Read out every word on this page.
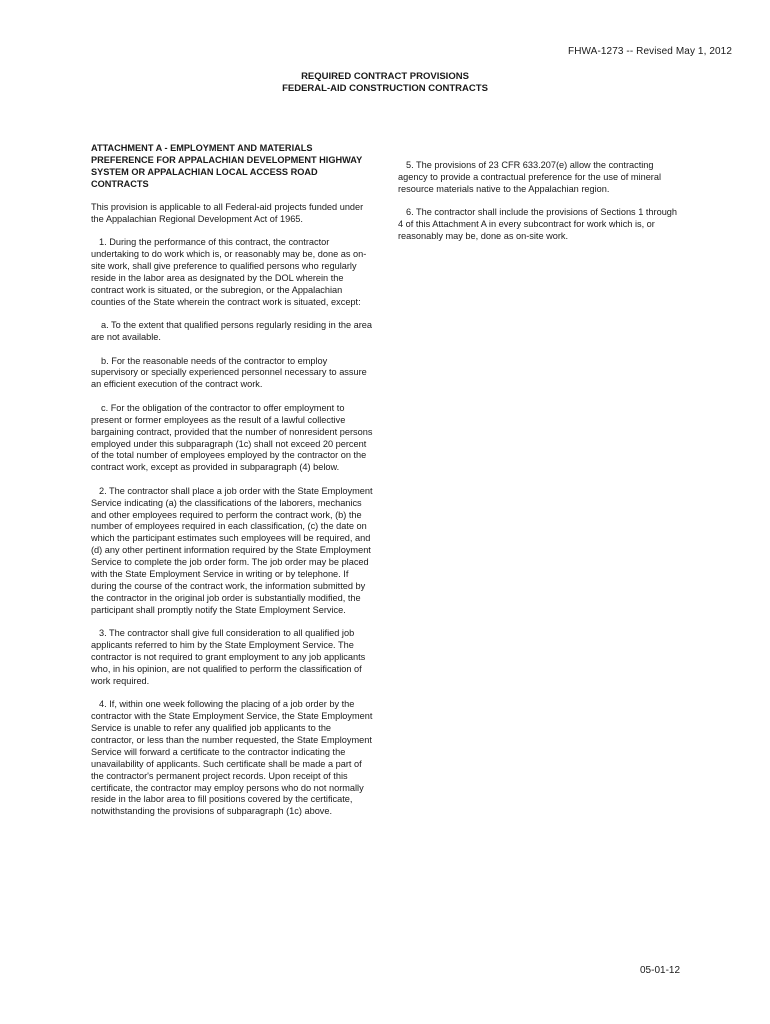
FHWA-1273 -- Revised May 1, 2012
REQUIRED CONTRACT PROVISIONS
FEDERAL-AID CONSTRUCTION CONTRACTS
ATTACHMENT A - EMPLOYMENT AND MATERIALS PREFERENCE FOR APPALACHIAN DEVELOPMENT HIGHWAY SYSTEM OR APPALACHIAN LOCAL ACCESS ROAD CONTRACTS

This provision is applicable to all Federal-aid projects funded under the Appalachian Regional Development Act of 1965.

1. During the performance of this contract, the contractor undertaking to do work which is, or reasonably may be, done as on-site work, shall give preference to qualified persons who regularly reside in the labor area as designated by the DOL wherein the contract work is situated, or the subregion, or the Appalachian counties of the State wherein the contract work is situated, except:

a. To the extent that qualified persons regularly residing in the area are not available.

b. For the reasonable needs of the contractor to employ supervisory or specially experienced personnel necessary to assure an efficient execution of the contract work.

c. For the obligation of the contractor to offer employment to present or former employees as the result of a lawful collective bargaining contract, provided that the number of nonresident persons employed under this subparagraph (1c) shall not exceed 20 percent of the total number of employees employed by the contractor on the contract work, except as provided in subparagraph (4) below.

2. The contractor shall place a job order with the State Employment Service indicating (a) the classifications of the laborers, mechanics and other employees required to perform the contract work, (b) the number of employees required in each classification, (c) the date on which the participant estimates such employees will be required, and (d) any other pertinent information required by the State Employment Service to complete the job order form. The job order may be placed with the State Employment Service in writing or by telephone. If during the course of the contract work, the information submitted by the contractor in the original job order is substantially modified, the participant shall promptly notify the State Employment Service.

3. The contractor shall give full consideration to all qualified job applicants referred to him by the State Employment Service. The contractor is not required to grant employment to any job applicants who, in his opinion, are not qualified to perform the classification of work required.

4. If, within one week following the placing of a job order by the contractor with the State Employment Service, the State Employment Service is unable to refer any qualified job applicants to the contractor, or less than the number requested, the State Employment Service will forward a certificate to the contractor indicating the unavailability of applicants. Such certificate shall be made a part of the contractor's permanent project records. Upon receipt of this certificate, the contractor may employ persons who do not normally reside in the labor area to fill positions covered by the certificate, notwithstanding the provisions of subparagraph (1c) above.

5. The provisions of 23 CFR 633.207(e) allow the contracting agency to provide a contractual preference for the use of mineral resource materials native to the Appalachian region.

6. The contractor shall include the provisions of Sections 1 through 4 of this Attachment A in every subcontract for work which is, or reasonably may be, done as on-site work.

05-01-12
